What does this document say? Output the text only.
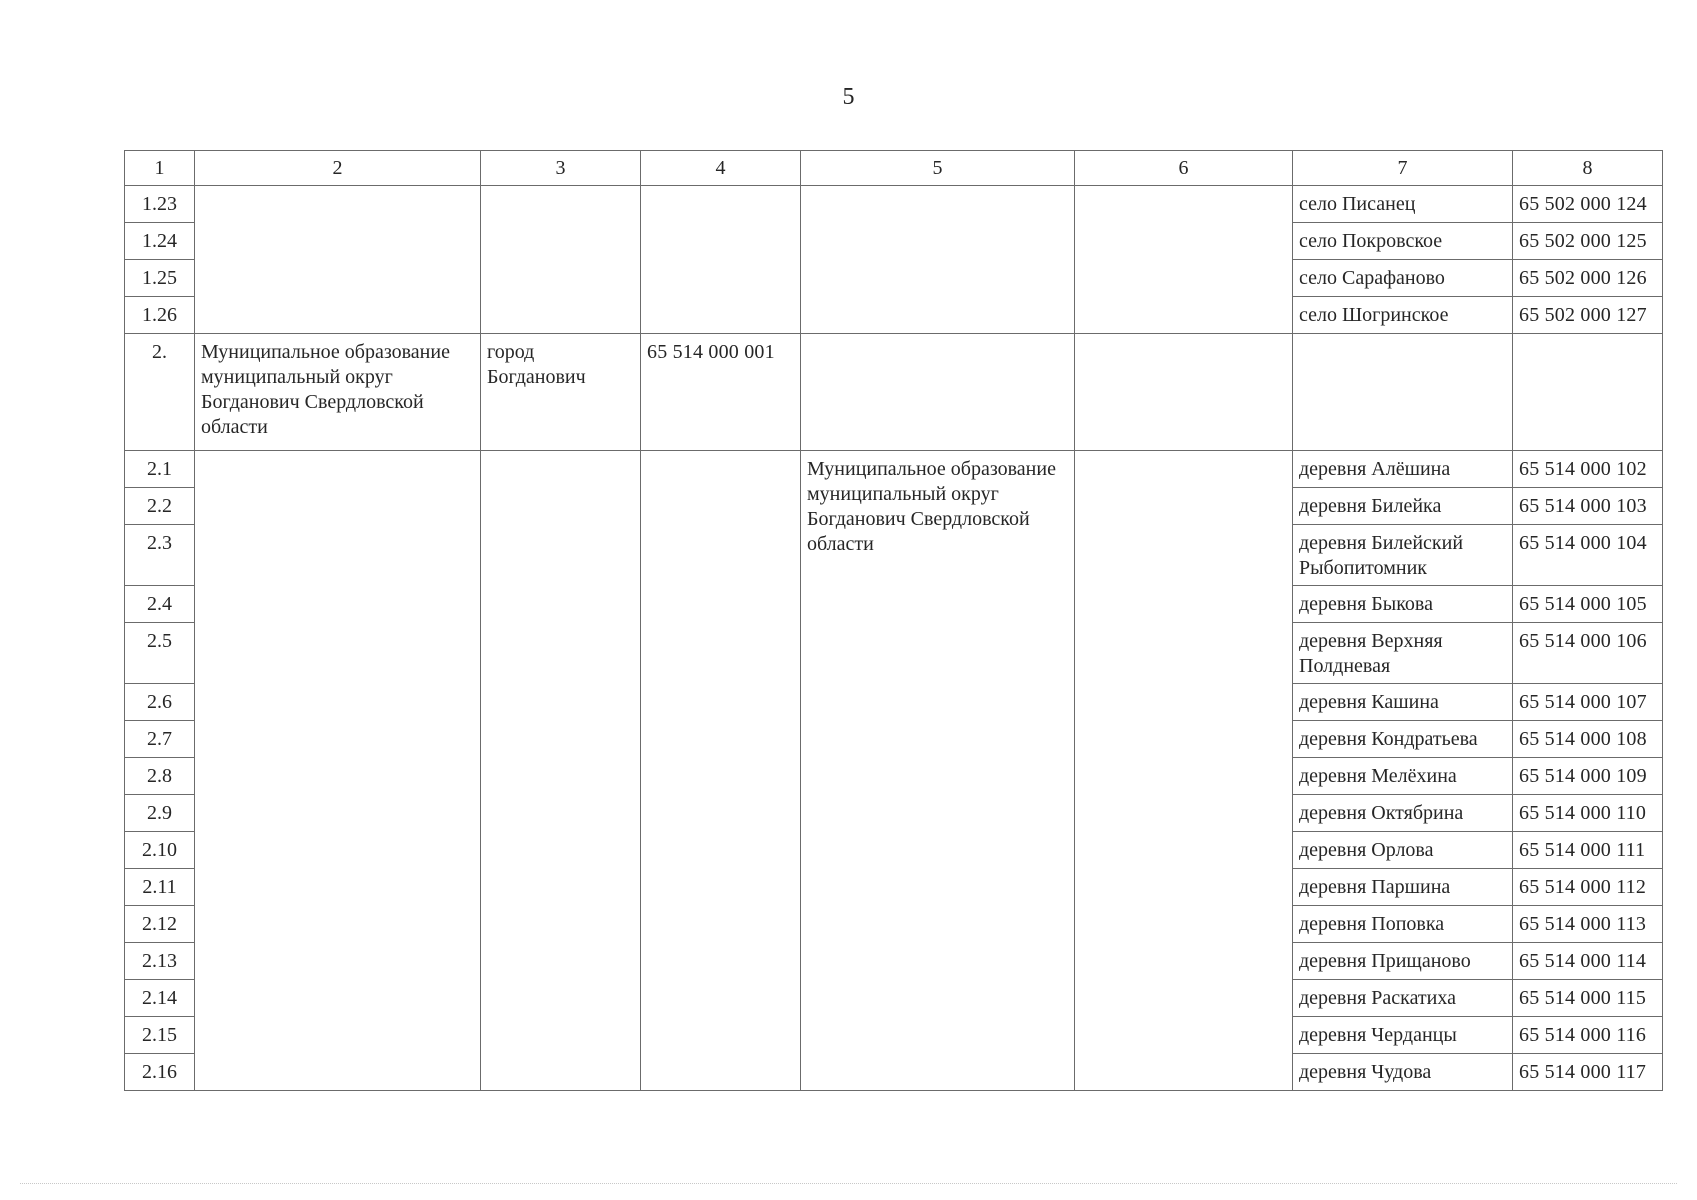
5
1	2	3	4	5	6	7	8
1.23						село Писанец	65 502 000 124
1.24						село Покровское	65 502 000 125
1.25						село Сарафаново	65 502 000 126
1.26						село Шогринское	65 502 000 127
2.	Муниципальное образование муниципальный округ Богданович Свердловской области	город Богданович	65 514 000 001				
2.1				Муниципальное образование муниципальный округ Богданович Свердловской области		деревня Алёшина	65 514 000 102
2.2						деревня Билейка	65 514 000 103
2.3						деревня Билейский Рыбопитомник	65 514 000 104
2.4						деревня Быкова	65 514 000 105
2.5						деревня Верхняя Полдневая	65 514 000 106
2.6						деревня Кашина	65 514 000 107
2.7						деревня Кондратьева	65 514 000 108
2.8						деревня Мелёхина	65 514 000 109
2.9						деревня Октябрина	65 514 000 110
2.10						деревня Орлова	65 514 000 111
2.11						деревня Паршина	65 514 000 112
2.12						деревня Поповка	65 514 000 113
2.13						деревня Прищаново	65 514 000 114
2.14						деревня Раскатиха	65 514 000 115
2.15						деревня Черданцы	65 514 000 116
2.16						деревня Чудова	65 514 000 117
